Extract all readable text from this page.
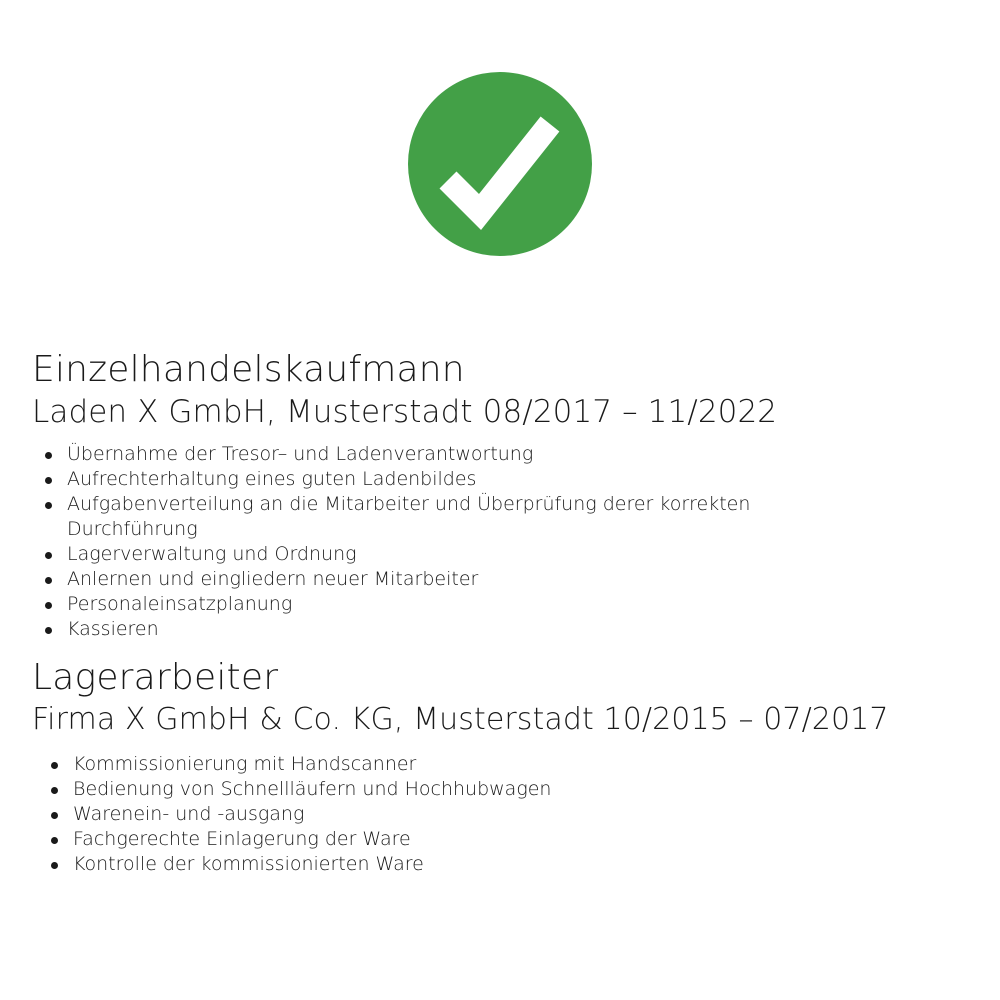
Einzelhandelskaufmann
Laden X GmbH, Musterstadt 08/2017 – 11/2022
Übernahme der Tresor– und Ladenverantwortung
Aufrechterhaltung eines guten Ladenbildes
Aufgabenverteilung an die Mitarbeiter und Überprüfung derer korrekten Durchführung
Lagerverwaltung und Ordnung
Anlernen und eingliedern neuer Mitarbeiter
Personaleinsatzplanung
Kassieren
Lagerarbeiter
Firma X GmbH & Co. KG, Musterstadt 10/2015 – 07/2017
Kommissionierung mit Handscanner
Bedienung von Schnellläufern und Hochhubwagen
Warenein- und -ausgang
Fachgerechte Einlagerung der Ware
Kontrolle der kommissionierten Ware
